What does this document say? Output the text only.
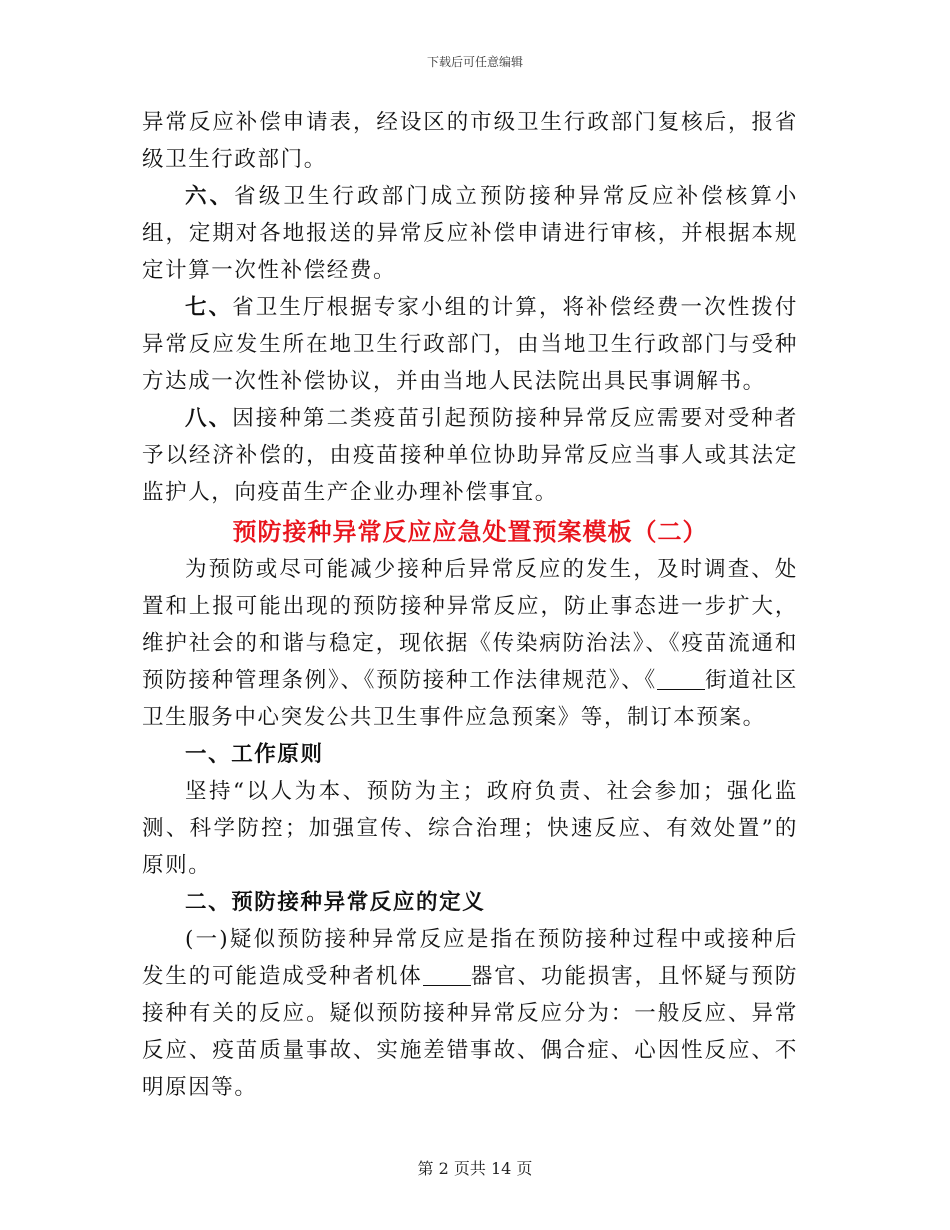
下载后可任意编辑

异常反应补偿申请表，经设区的市级卫生行政部门复核后，报省级卫生行政部门。

六、省级卫生行政部门成立预防接种异常反应补偿核算小组，定期对各地报送的异常反应补偿申请进行审核，并根据本规定计算一次性补偿经费。

七、省卫生厅根据专家小组的计算，将补偿经费一次性拨付异常反应发生所在地卫生行政部门，由当地卫生行政部门与受种方达成一次性补偿协议，并由当地人民法院出具民事调解书。

八、因接种第二类疫苗引起预防接种异常反应需要对受种者予以经济补偿的，由疫苗接种单位协助异常反应当事人或其法定监护人，向疫苗生产企业办理补偿事宜。

预防接种异常反应应急处置预案模板（二）

为预防或尽可能减少接种后异常反应的发生，及时调查、处置和上报可能出现的预防接种异常反应，防止事态进一步扩大，维护社会的和谐与稳定，现依据《传染病防治法》、《疫苗流通和预防接种管理条例》、《预防接种工作法律规范》、《 街道社区卫生服务中心突发公共卫生事件应急预案》等，制订本预案。

一、工作原则

坚持“以人为本、预防为主；政府负责、社会参加；强化监测、科学防控；加强宣传、综合治理；快速反应、有效处置”的原则。

二、预防接种异常反应的定义

(一)疑似预防接种异常反应是指在预防接种过程中或接种后发生的可能造成受种者机体 器官、功能损害，且怀疑与预防接种有关的反应。疑似预防接种异常反应分为：一般反应、异常反应、疫苗质量事故、实施差错事故、偶合症、心因性反应、不明原因等。

第 2 页共 14 页
